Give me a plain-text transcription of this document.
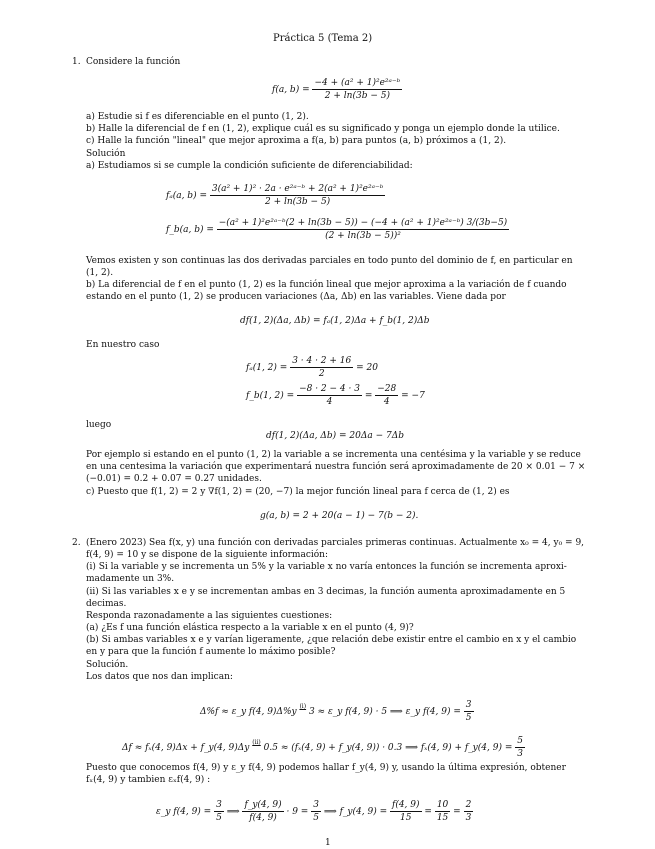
Práctica 5 (Tema 2)
1. Considere la función
f(a, $b) = \frac{\text{−4 + (a² + 1)²e²ᵃ⁻ᵇ}}{2 + \ln(3b - 5)}$
a) Estudie si f es diferenciable en el punto (1, 2).
b) Halle la diferencial de f en (1, 2), explique cuál es su significado y ponga un ejemplo donde la utilice.
c) Halle la función "lineal" que mejor aproxima a f(a, b) para puntos (a, b) próximos a (1, 2).
Solución
a) Estudiamos si se cumple la condición suficiente de diferenciabilidad:
fₐ(a, $b) = \frac{\text{3(a² + 1)² · 2a · e²ᵃ⁻ᵇ + 2(a² + 1)²e²ᵃ⁻ᵇ}}{2 + \ln(3b - 5)}$
f_b(a, b) =
−(a² + 1)²e²ᵃ⁻ᵇ(2 + ln(3b − 5)) − (−4 + (a² + 1)²e²ᵃ⁻ᵇ) 3/(3b−5)
(2 + ln(3b − 5))²
Vemos existen y son continuas las dos derivadas parciales en todo punto del dominio de f, en particular en
(1, 2).
b) La diferencial de f en el punto (1, 2) es la función lineal que mejor aproxima a la variación de f cuando
estando en el punto (1, 2) se producen variaciones (Δa, Δb) en las variables. Viene dada por
df(1, 2)(Δa, Δb) = fₐ(1, 2)Δa + f_b(1, 2)Δb
En nuestro caso
fₐ(1, $2) = \frac{3 \cdot 4 \cdot 2 + 16}{2} = 20$
f_b(1, $2) = \frac{-8 \cdot 2 - 4 \cdot 3}{4} = \frac{-28}{4} = -7$
luego
df(1, 2)(Δa, Δb) = 20Δa − 7Δb
Por ejemplo si estando en el punto (1, 2) la variable a se incrementa una centésima y la variable y se reduce
en una centesima la variación que experimentará nuestra función será aproximadamente de 20 × 0.01 − 7 ×
(−0.01) = 0.2 + 0.07 = 0.27 unidades.
c) Puesto que f(1, 2) = 2 y ∇f(1, 2) = (20, −7) la mejor función lineal para f cerca de (1, 2) es
g(a, b) = 2 + 20(a − 1) − 7(b − 2).
2. (Enero 2023) Sea f(x, y) una función con derivadas parciales primeras continuas. Actualmente x₀ = 4, y₀ = 9,
f(4, 9) = 10 y se dispone de la siguiente información:
(i) Si la variable y se incrementa un 5% y la variable x no varía entonces la función se incrementa aproxi-
madamente un 3%.
(ii) Si las variables x e y se incrementan ambas en 3 decimas, la función aumenta aproximadamente en 5
decimas.
Responda razonadamente a las siguientes cuestiones:
(a) ¿Es f una función elástica respecto a la variable x en el punto (4, 9)?
(b) Si ambas variables x e y varían ligeramente, ¿que relación debe existir entre el cambio en x y el cambio
en y para que la función f aumente lo máximo posible?
Solución.
Los datos que nos dan implican:
Δ%f ≈ ε_y f(4, 9)Δ%y (i) 3 ≈ ε_y f(4, 9) · 5 ⟹ ε_y f(4, $9) = \frac{3}{5}$
Δf ≈ fₓ(4, 9)Δx + f_y(4, 9)Δy (ii) 0.5 ≈ (fₓ(4, 9) + f_y(4, 9)) · 0.3 ⟹ fₓ(4, 9) + f_y(4, $9) = \frac{5}{3}$
Puesto que conocemos f(4, 9) y ε_y f(4, 9) podemos hallar f_y(4, 9) y, usando la última expresión, obtener
fₓ(4, 9) y tambien εₓf(4, 9) :
ε_y f(4, $9) = \frac{3}{5}$ ⟹ $\frac{f\_y(4, 9)}{f(4, 9)} \cdot 9 = \frac{3}{5}$ ⟹ f_y(4, $9) = \frac{f(4, 9)}{15} = \frac{10}{15} = \frac{2}{3}$
1
